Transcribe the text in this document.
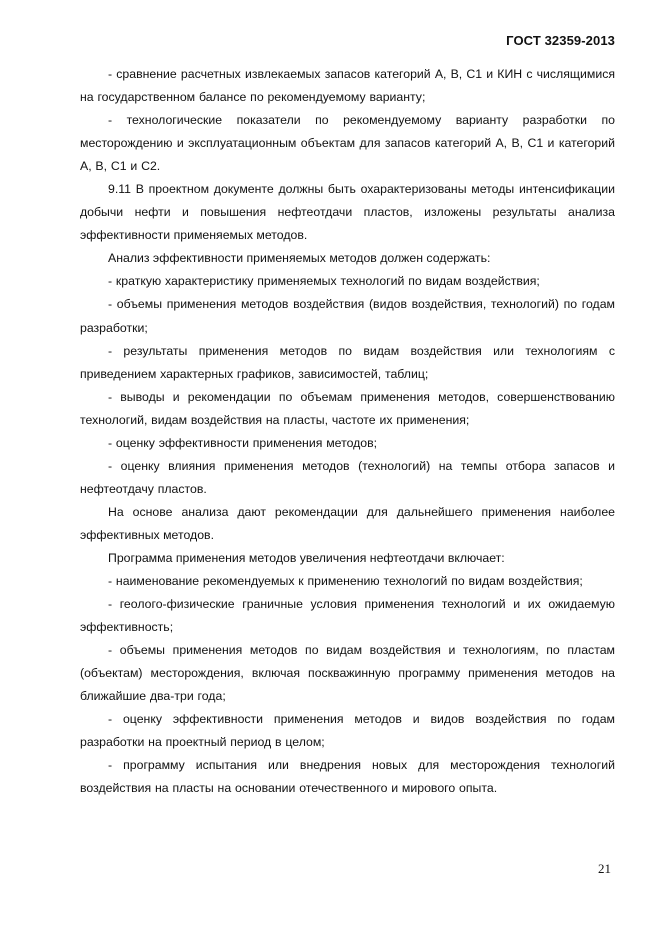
ГОСТ 32359-2013

- сравнение расчетных извлекаемых запасов категорий А, В, С1 и КИН с числящимися на государственном балансе по рекомендуемому варианту;

- технологические показатели по рекомендуемому варианту разработки по месторождению и эксплуатационным объектам для запасов категорий А, В, С1 и категорий А, В, С1 и С2.

9.11 В проектном документе должны быть охарактеризованы методы интенсификации добычи нефти и повышения нефтеотдачи пластов, изложены результаты анализа эффективности применяемых методов.

Анализ эффективности применяемых методов должен содержать:

- краткую характеристику применяемых технологий по видам воздействия;

- объемы применения методов воздействия (видов воздействия, технологий) по годам разработки;

- результаты применения методов по видам воздействия или технологиям с приведением характерных графиков, зависимостей, таблиц;

- выводы и рекомендации по объемам применения методов, совершенствованию технологий, видам воздействия на пласты, частоте их применения;

- оценку эффективности применения методов;

- оценку влияния применения методов (технологий) на темпы отбора запасов и нефтеотдачу пластов.

На основе анализа дают рекомендации для дальнейшего применения наиболее эффективных методов.

Программа применения методов увеличения нефтеотдачи включает:

- наименование рекомендуемых к применению технологий по видам воздействия;

- геолого-физические граничные условия применения технологий и их ожидаемую эффективность;

- объемы применения методов по видам воздействия и технологиям, по пластам (объектам) месторождения, включая поскважинную программу применения методов на ближайшие два-три года;

- оценку эффективности применения методов и видов воздействия по годам разработки на проектный период в целом;

- программу испытания или внедрения новых для месторождения технологий воздействия на пласты на основании отечественного и мирового опыта.

21
